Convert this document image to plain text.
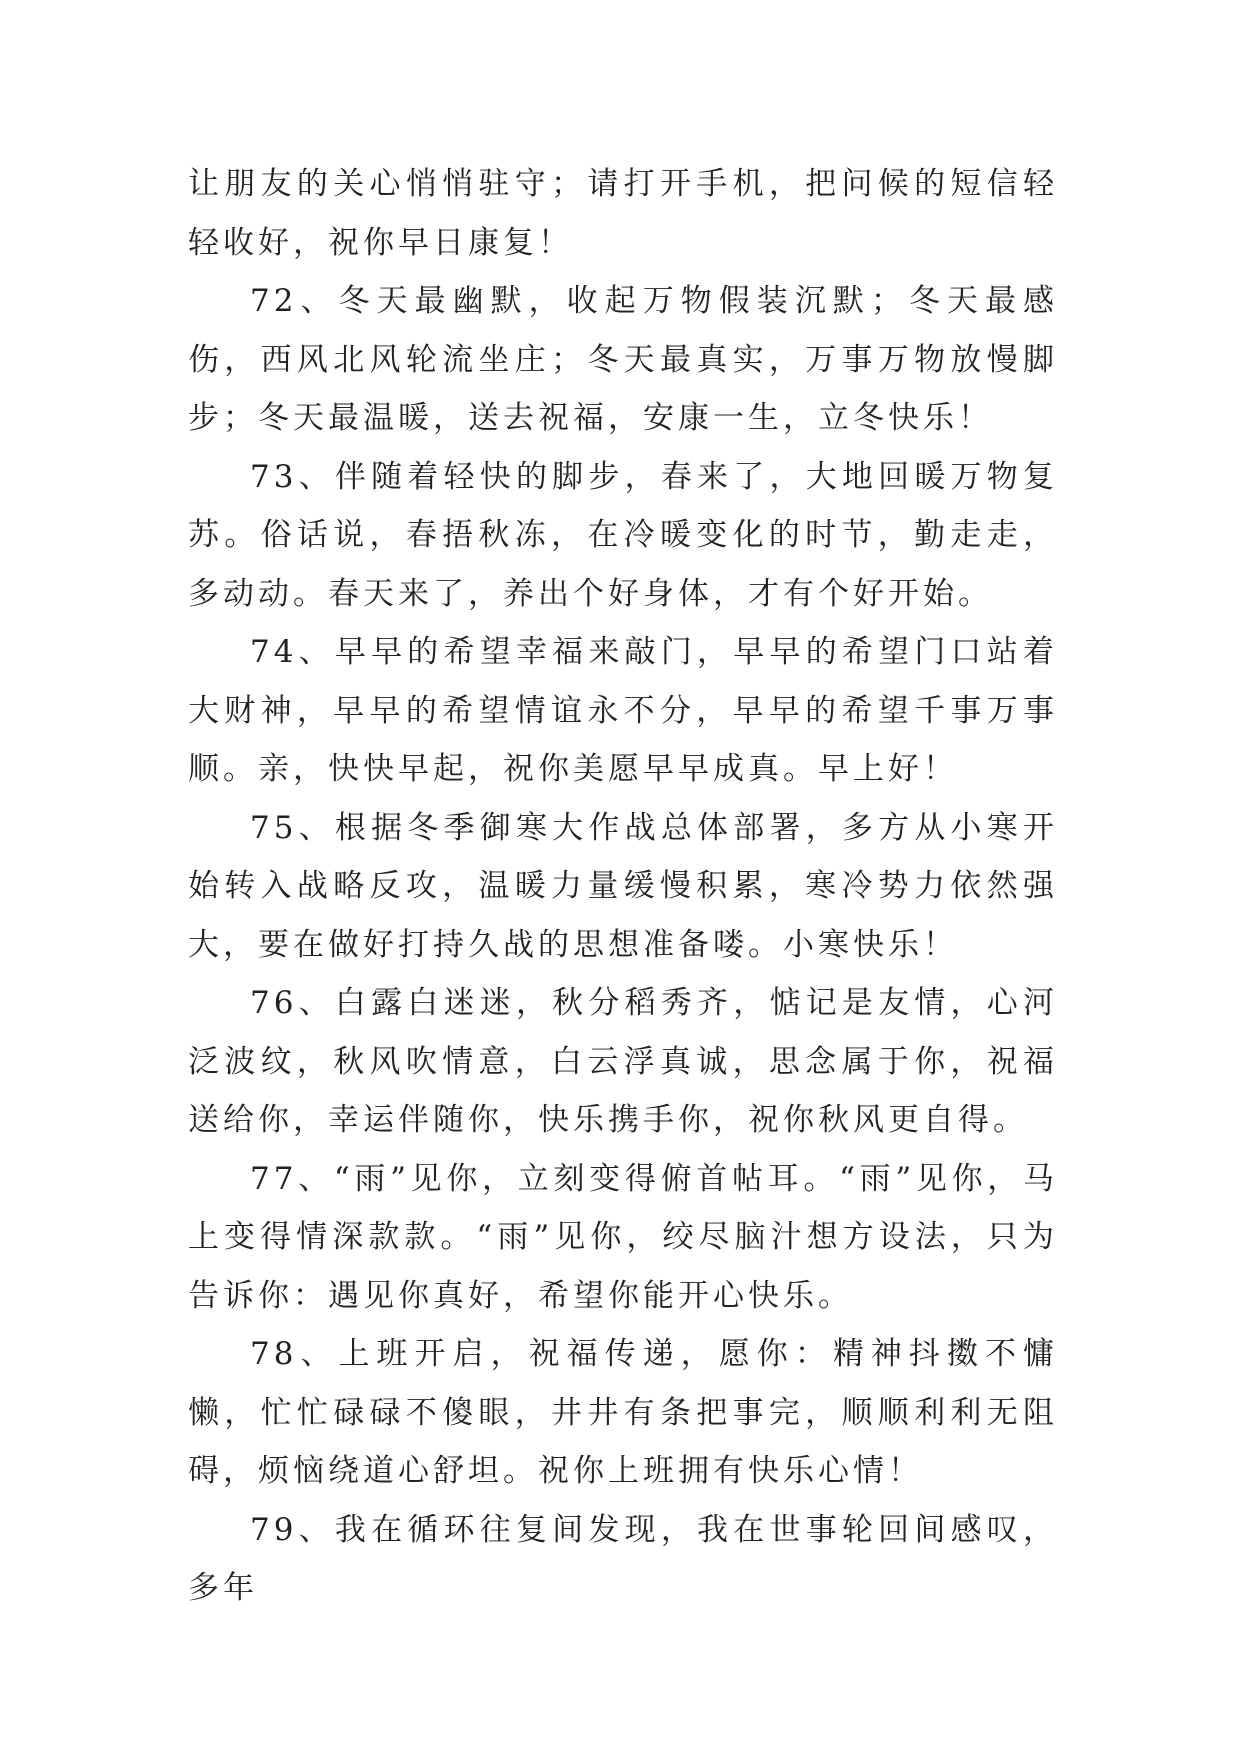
让朋友的关心悄悄驻守；请打开手机，把问候的短信轻轻收好，祝你早日康复！

72、冬天最幽默，收起万物假装沉默；冬天最感伤，西风北风轮流坐庄；冬天最真实，万事万物放慢脚步；冬天最温暖，送去祝福，安康一生，立冬快乐！

73、伴随着轻快的脚步，春来了，大地回暖万物复苏。俗话说，春捂秋冻，在冷暖变化的时节，勤走走，多动动。春天来了，养出个好身体，才有个好开始。

74、早早的希望幸福来敲门，早早的希望门口站着大财神，早早的希望情谊永不分，早早的希望千事万事顺。亲，快快早起，祝你美愿早早成真。早上好！

75、根据冬季御寒大作战总体部署，多方从小寒开始转入战略反攻，温暖力量缓慢积累，寒冷势力依然强大，要在做好打持久战的思想准备喽。小寒快乐！

76、白露白迷迷，秋分稻秀齐，惦记是友情，心河泛波纹，秋风吹情意，白云浮真诚，思念属于你，祝福送给你，幸运伴随你，快乐携手你，祝你秋风更自得。

77、“雨”见你，立刻变得俯首帖耳。“雨”见你，马上变得情深款款。“雨”见你，绞尽脑汁想方设法，只为告诉你：遇见你真好，希望你能开心快乐。

78、上班开启，祝福传递，愿你：精神抖擞不慵懒，忙忙碌碌不傻眼，井井有条把事完，顺顺利利无阻碍，烦恼绕道心舒坦。祝你上班拥有快乐心情！

79、我在循环往复间发现，我在世事轮回间感叹，多年
